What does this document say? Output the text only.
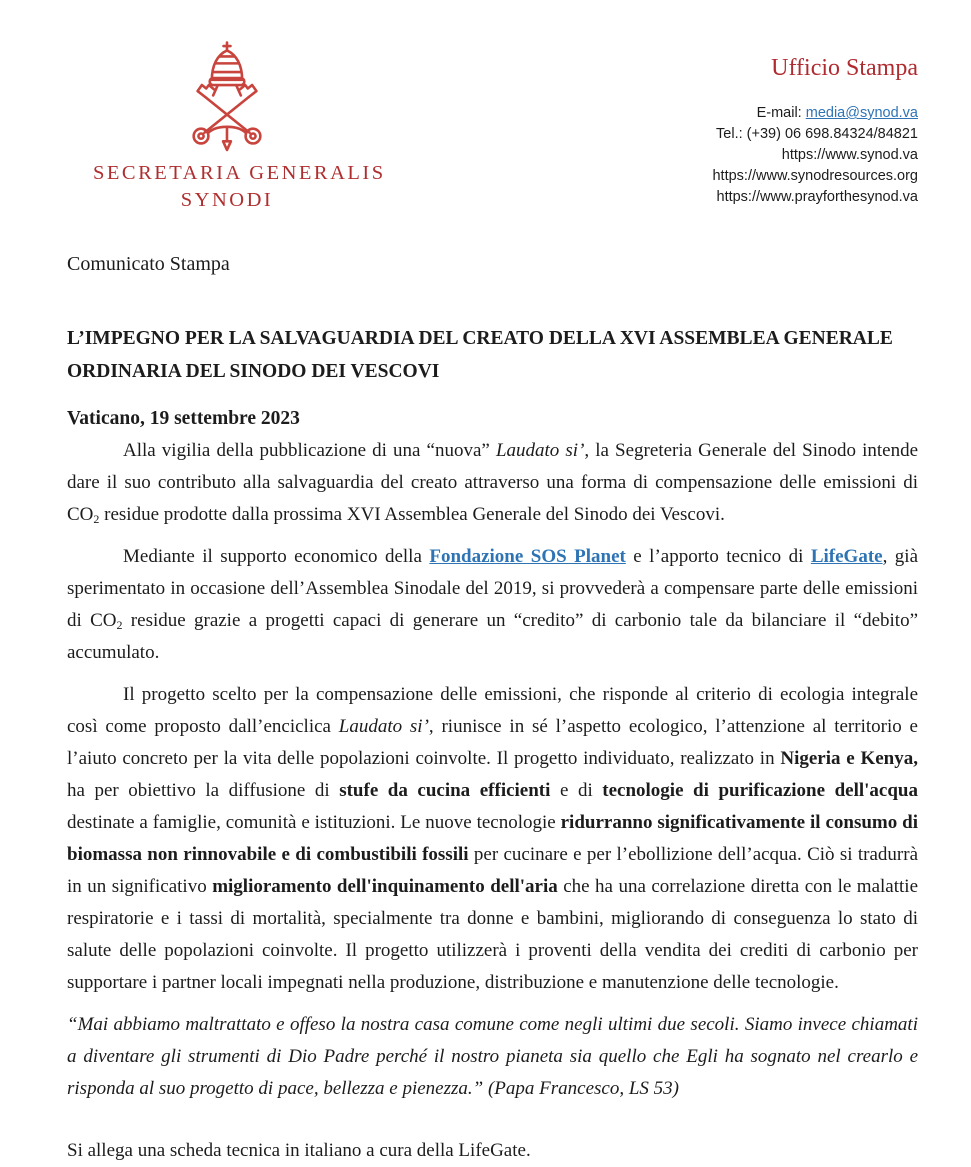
SECRETARIA GENERALIS
SYNODI
Ufficio Stampa
E-mail: media@synod.va
Tel.: (+39) 06 698.84324/84821
https://www.synod.va
https://www.synodresources.org
https://www.prayforthesynod.va
Comunicato Stampa
L’IMPEGNO PER LA SALVAGUARDIA DEL CREATO DELLA XVI ASSEMBLEA GENERALE ORDINARIA DEL SINODO DEI VESCOVI
Vaticano, 19 settembre 2023

Alla vigilia della pubblicazione di una “nuova” Laudato si’, la Segreteria Generale del Sinodo intende dare il suo contributo alla salvaguardia del creato attraverso una forma di compensazione delle emissioni di $CO_2$ residue prodotte dalla prossima XVI Assemblea Generale del Sinodo dei Vescovi.

Mediante il supporto economico della Fondazione SOS Planet e l’apporto tecnico di LifeGate, già sperimentato in occasione dell’Assemblea Sinodale del 2019, si provvederà a compensare parte delle emissioni di $CO_2$ residue grazie a progetti capaci di generare un “credito” di carbonio tale da bilanciare il “debito” accumulato.

Il progetto scelto per la compensazione delle emissioni, che risponde al criterio di ecologia integrale così come proposto dall’enciclica Laudato si’, riunisce in sé l’aspetto ecologico, l’attenzione al territorio e l’aiuto concreto per la vita delle popolazioni coinvolte. Il progetto individuato, realizzato in Nigeria e Kenya, ha per obiettivo la diffusione di stufe da cucina efficienti e di tecnologie di purificazione dell'acqua destinate a famiglie, comunità e istituzioni. Le nuove tecnologie ridurranno significativamente il consumo di biomassa non rinnovabile e di combustibili fossili per cucinare e per l’ebollizione dell’acqua. Ciò si tradurrà in un significativo miglioramento dell'inquinamento dell'aria che ha una correlazione diretta con le malattie respiratorie e i tassi di mortalità, specialmente tra donne e bambini, migliorando di conseguenza lo stato di salute delle popolazioni coinvolte. Il progetto utilizzerà i proventi della vendita dei crediti di carbonio per supportare i partner locali impegnati nella produzione, distribuzione e manutenzione delle tecnologie.

“Mai abbiamo maltrattato e offeso la nostra casa comune come negli ultimi due secoli. Siamo invece chiamati a diventare gli strumenti di Dio Padre perché il nostro pianeta sia quello che Egli ha sognato nel crearlo e risponda al suo progetto di pace, bellezza e pienezza.” (Papa Francesco, LS 53)

Si allega una scheda tecnica in italiano a cura della LifeGate.
